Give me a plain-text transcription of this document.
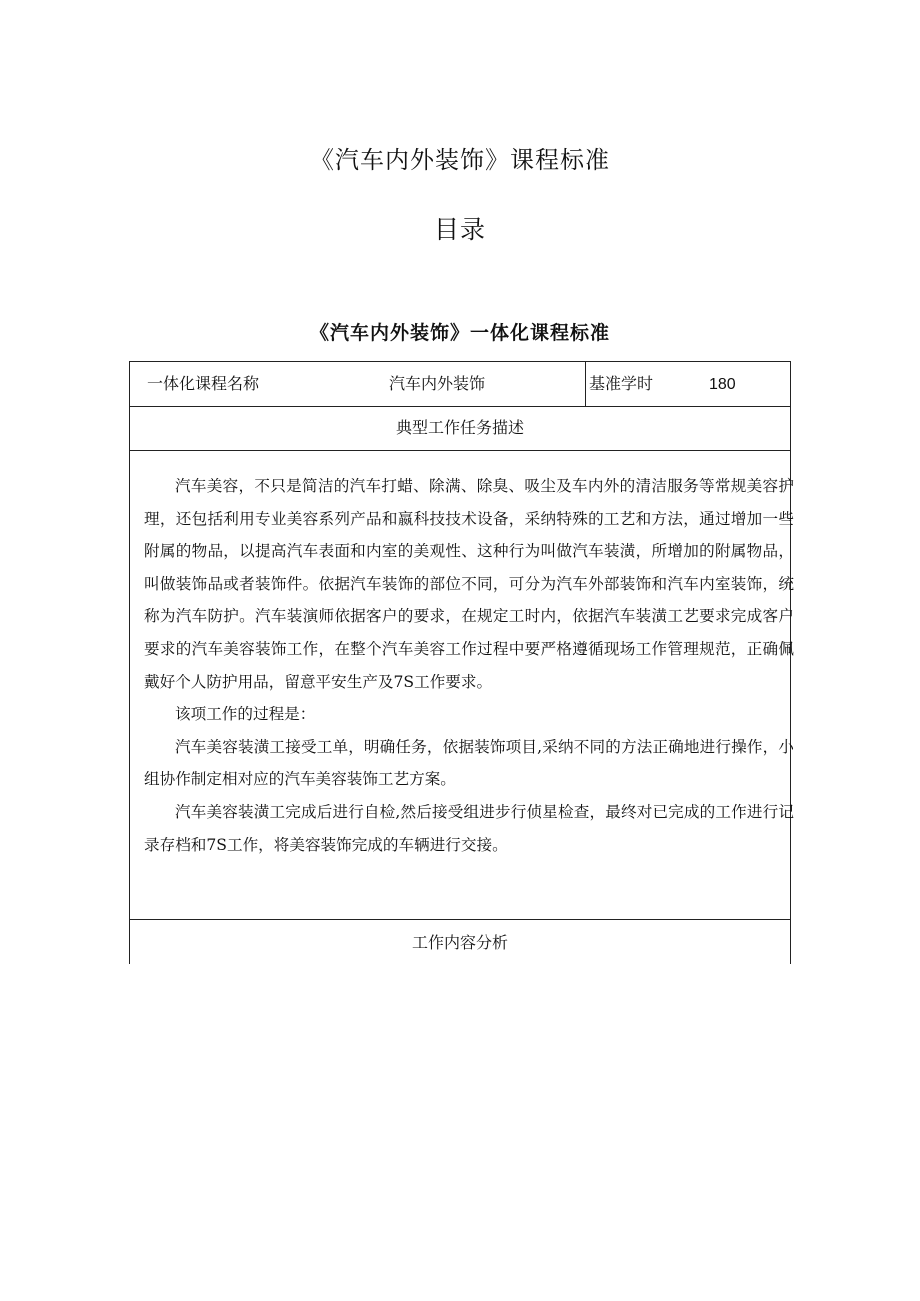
《汽车内外装饰》课程标准
目录
《汽车内外装饰》一体化课程标准
一体化课程名称	汽车内外装饰	基准学时	180
典型工作任务描述

汽车美容，不只是简洁的汽车打蜡、除满、除臭、吸尘及车内外的清洁服务等常规美容护理，还包括利用专业美容系列产品和嬴科技技术设备，采纳特殊的工艺和方法，通过增加一些附属的物品，以提高汽车表面和内室的美观性、这种行为叫做汽车装潢，所增加的附属物品，叫做装饰品或者装饰件。依据汽车装饰的部位不同，可分为汽车外部装饰和汽车内室装饰，统称为汽车防护。汽车装演师依据客户的要求，在规定工时内，依据汽车装潢工艺要求完成客户要求的汽车美容装饰工作，在整个汽车美容工作过程中要严格遵循现场工作管理规范，正确佩戴好个人防护用品，留意平安生产及7S工作要求。

该项工作的过程是：

汽车美容装潢工接受工单，明确任务，依据装饰项目,采纳不同的方法正确地进行操作，小组协作制定相对应的汽车美容装饰工艺方案。

汽车美容装潢工完成后进行自检,然后接受组进步行侦星检查，最终对已完成的工作进行记录存档和7S工作，将美容装饰完成的车辆进行交接。

工作内容分析
